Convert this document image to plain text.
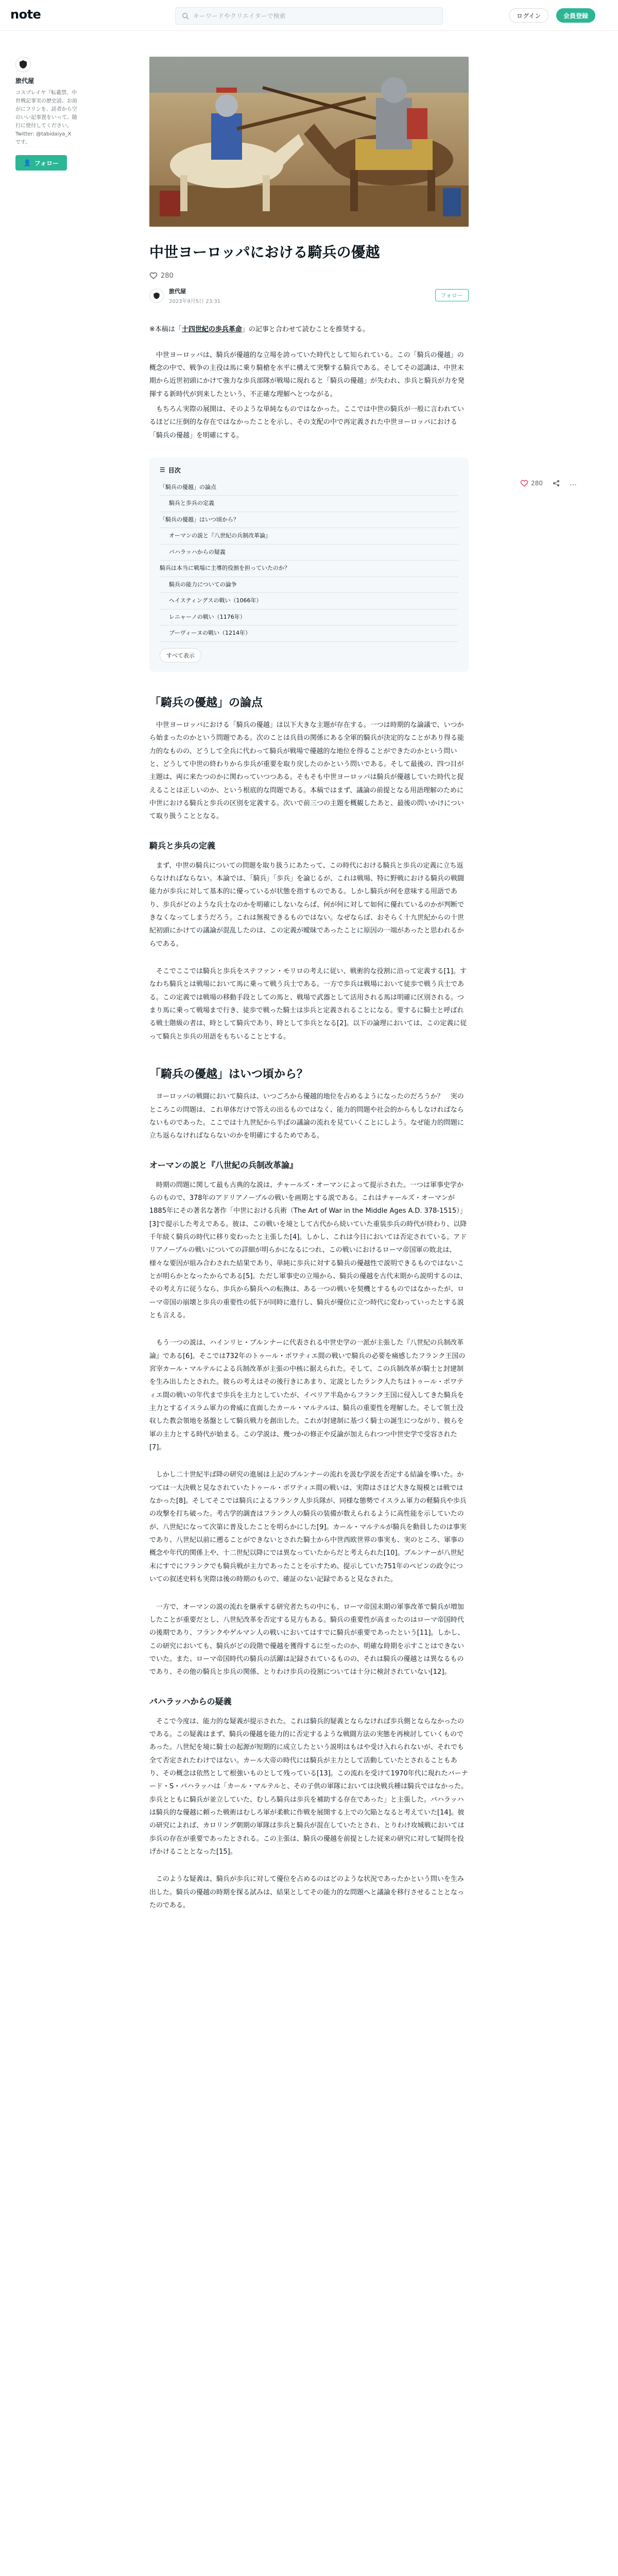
note
キーワードやクリエイターで検索	ログイン	会員登録
旅代屋
コスプレイヤ『転載禁、中世戦記事実の歴史読。お前がにフリンを、読者から空のいい記事置をいって、随行に使付してください。Twitter: @tabidaiya_X です。
👤 フォロー
280	…
中世ヨーロッパにおける騎兵の優越
280
旅代屋
2023年9月5日 23:31
フォロー

※本稿は「十四世紀の歩兵革命」の記事と合わせて読むことを推奨する。

中世ヨーロッパは、騎兵が優越的な立場を誇っていた時代として知られている。この「騎兵の優越」の概念の中で、戦争の主役は馬に乗り騎槍を水平に構えて突撃する騎兵である。そしてその認識は、中世末期から近世初頭にかけて強力な歩兵部隊が戦場に現れると「騎兵の優越」が失われ、歩兵と騎兵が力を発揮する新時代が到来したという、不正確な理解へとつながる。

もちろん実際の展開は、そのような単純なものではなかった。ここでは中世の騎兵が一般に言われているほどに圧倒的な存在ではなかったことを示し、その支配の中で再定義された中世ヨーロッパにおける「騎兵の優越」を明確にする。

☰ 目次
「騎兵の優越」の論点
騎兵と歩兵の定義
「騎兵の優越」はいつ頃から？
オーマンの説と『八世紀の兵制改革論』
バハラッハからの疑義
騎兵は本当に戦場に主導的役割を担っていたのか？
騎兵の能力についての論争
ヘイスティングスの戦い（1066年）
レニャーノの戦い（1176年）
ブーヴィーヌの戦い（1214年）
すべて表示
「騎兵の優越」の論点

中世ヨーロッパにおける「騎兵の優越」は以下大きな主題が存在する。一つは時期的な論議で、いつから始まったのかという問題である。次のことは兵員の関係にある全軍的騎兵が決定的なことがあり得る能力的なものの、どうして全兵に代わって騎兵が戦場で優越的な地位を得ることができたのかという問いと、どうして中世の終わりから歩兵が重要を取り戻したのかという問いである。そして最後の、四つ目が主題は、両に来たつのかに関わっていつつある。そもそも中世ヨーロッパは騎兵が優越していた時代と捉えることは正しいのか、という根底的な問題である。本稿ではまず、議論の前提となる用語理解のために中世における騎兵と歩兵の区別を定義する。次いで前三つの主題を概観したあと、最後の問いかけについて取り扱うこととなる。

騎兵と歩兵の定義

まず、中世の騎兵についての問題を取り扱うにあたって、この時代における騎兵と歩兵の定義に立ち返らなければならない。本論では、「騎兵」「歩兵」を論じるが、これは戦場、特に野戦における騎兵の戦闘能力が歩兵に対して基本的に優っているが状態を指すものである。しかし騎兵が何を意味する用語であり、歩兵がどのような兵士なのかを明確にしないならば、何が何に対して如何に優れているのかが判断できなくなってしまうだろう。これは無視できるものではない。なぜならば、おそらく十九世紀からの十世紀初頭にかけての議論が混乱したのは、この定義が曖昧であったことに原因の一端があったと思われるからである。

そこでここでは騎兵と歩兵をステファン・モリロの考えに従い、戦術的な役割に沿って定義する[1]。すなわち騎兵とは戦場において馬に乗って戦う兵士である。一方で歩兵は戦場において徒歩で戦う兵士である。この定義では戦場の移動手段としての馬と、戦場で武器として活用される馬は明確に区別される。つまり馬に乗って戦場まで行き、徒歩で戦った騎士は歩兵と定義されることになる。要するに騎士と呼ばれる戦士階級の者は、時として騎兵であり、時として歩兵となる[2]。以下の論理においては、この定義に従って騎兵と歩兵の用語をもちいることとする。

「騎兵の優越」はいつ頃から？

ヨーロッパの戦闘において騎兵は、いつごろから優越的地位を占めるようになったのだろうか？　実のところこの問題は、これ単体だけで答えの出るものではなく、能力的問題や社会的からもしなければならないものであった。ここでは十九世紀から半ばの議論の流れを見ていくことにしよう。なぜ能力的問題に立ち返らなければならないのかを明確にするためである。

オーマンの説と『八世紀の兵制改革論』

時期の問題に関して最も古典的な説は、チャールズ・オーマンによって提示された。一つは軍事史学からのもので、378年のアドリアノープルの戦いを画期とする説である。これはチャールズ・オーマンが1885年にその著名な著作「中世における兵術（The Art of War in the Middle Ages A.D. 378-1515）」[3]で提示した考えである。彼は、この戦いを境として古代から続いていた重装歩兵の時代が終わり、以降千年続く騎兵の時代に移り変わったと主張した[4]。しかし、これは今日においては否定されている。アドリアノープルの戦いについての詳細が明らかになるにつれ、この戦いにおけるローマ帝国軍の敗北は、様々な要因が組み合わされた結果であり、単純に歩兵に対する騎兵の優越性で説明できるものではないことが明らかとなったからである[5]。ただし軍事史の立場から、騎兵の優越を古代末期から説明するのは、その考え方に従うなら、歩兵から騎兵への転換は、ある一つの戦いを契機とするものではなかったが、ローマ帝国の崩壊と歩兵の重要性の低下が同時に進行し、騎兵が優位に立つ時代に変わっていったとする説とも言える。

もう一つの説は、ハインリヒ・ブルンナーに代表される中世史学の一派が主張した『八世紀の兵制改革論』である[6]。そこでは732年のトゥール・ポワティエ間の戦いで騎兵の必要を痛感したフランク王国の宮宰カール・マルテルによる兵制改革が主張の中核に据えられた。そして、この兵制改革が騎士と封建制を生み出したとされた。彼らの考えはその後行きにあまり、定説としたランク人たちはトゥール・ポワティエ間の戦いの年代まで歩兵を主力としていたが、イベリア半島からフランク王国に侵入してきた騎兵を主力とするイスラム軍力の脅威に直面したカール・マルテルは、騎兵の重要性を理解した。そして領土没収した教会領地を基盤として騎兵戦力を創出した。これが封建制に基づく騎士の誕生につながり、彼らを軍の主力とする時代が始まる。この学説は、幾つかの修正や反論が加えられつつ中世史学で受容された[7]。

しかし二十世紀半ば降の研究の進展は上記のブルンナーの流れを汲む学説を否定する結論を導いた。かつては一大決戦と見なされていたトゥール・ポワティエ間の戦いは、実際はさほど大きな規模とは戦ではなかった[8]。そしてそこでは騎兵によるフランク人歩兵隊が、同様な態勢でイスラム軍力の軽騎兵や歩兵の攻撃を打ち破った。考古学的調査はフランク人の騎兵の装備が数えられるように高性能を示していたのが、八世紀になって次第に普及したことを明らかにした[9]。カール・マルテルが騎兵を動員したのは事実であり、八世紀以前に遡ることができないとされた騎士から中世西欧世界の事実も、実のところ、軍事の概念や年代的関係上や、十二世紀以降にでは異なっていたからだと考えられた[10]。ブルンナーが八世紀末にすでにフランクでも騎兵戦が主力であったことを示すため、提示していた751年のペピンの政令についての叙述史料も実際は後の時期のもので、確証のない記録であると見なされた。

一方で、オーマンの説の流れを継承する研究者たちの中にも、ローマ帝国末期の軍事改革で騎兵が増加したことが重要だとし、八世紀改革を否定する見方もある。騎兵の重要性が高まったのはローマ帝国時代の後期であり、フランクやゲルマン人の戦いにおいてはすでに騎兵が重要であったという[11]。しかし、この研究においても、騎兵がどの段階で優越を獲得するに至ったのか、明確な時期を示すことはできないでいた。また、ローマ帝国時代の騎兵の活躍は記録されているものの、それは騎兵の優越とは異なるものであり、その他の騎兵と歩兵の関係、とりわけ歩兵の役割については十分に検討されていない[12]。

バハラッハからの疑義

そこで今度は、能力的な疑義が提示された。これは騎兵的疑義とならなければ歩兵側とならなかったのである。この疑義はまず、騎兵の優越を能力的に否定するような戦闘方法の実態を再検討していくものであった。八世紀を境に騎士の起源が短期的に成立したという説明はもはや受け入れられないが、それでも全て否定されたわけではない。カール大帝の時代には騎兵が主力として活動していたとされることもあり、その概念は依然として根強いものとして残っている[13]。この流れを受けて1970年代に現れたバーナード・S・バハラッハは「カール・マルテルと、その子供の軍隊においては決戦兵種は騎兵ではなかった。歩兵とともに騎兵が並立していた、むしろ騎兵は歩兵を補助する存在であった」と主張した。バハラッハは騎兵的な優越に頼った戦術はむしろ軍が柔軟に作戦を展開する上での欠陥となると考えていた[14]。彼の研究によれば、カロリング朝期の軍隊は歩兵と騎兵が混在していたとされ、とりわけ攻城戦においては歩兵の存在が重要であったとされる。この主張は、騎兵の優越を前提とした従来の研究に対して疑問を投げかけることとなった[15]。

このような疑義は、騎兵が歩兵に対して優位を占めるのはどのような状況であったかという問いを生み出した。騎兵の優越の時期を探る試みは、結果としてその能力的な問題へと議論を移行させることとなったのである。
